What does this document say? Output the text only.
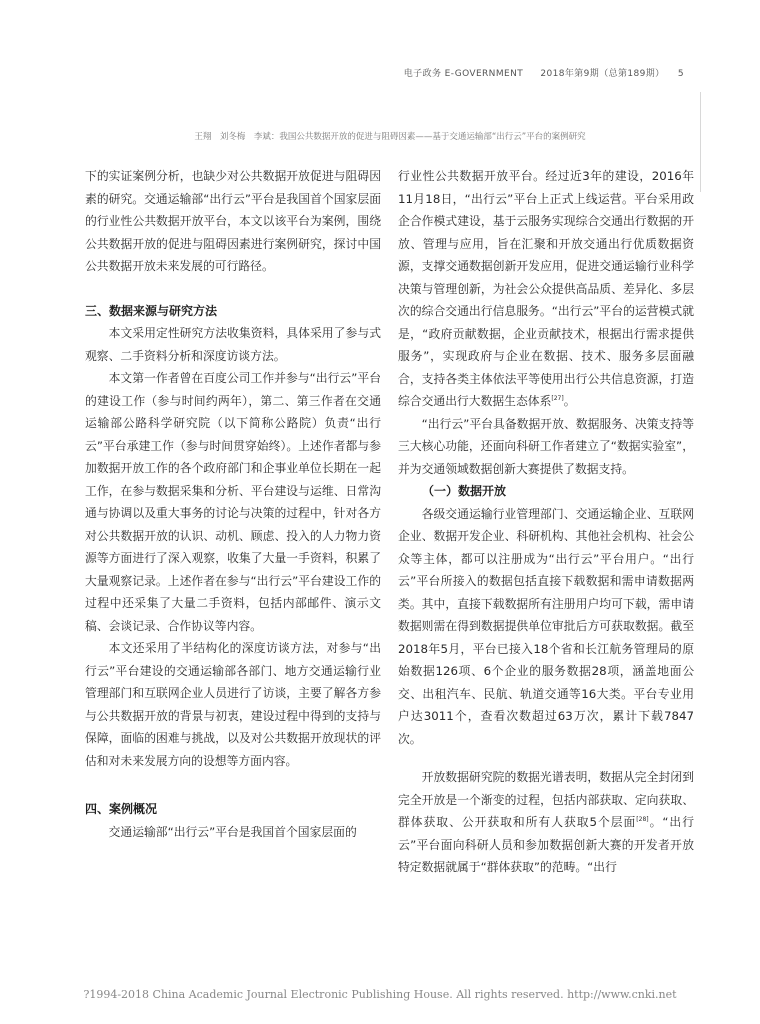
电子政务 E-GOVERNMENT 2018年第9期（总第189期） 5
王翔　刘冬梅　李斌：我国公共数据开放的促进与阻碍因素——基于交通运输部“出行云”平台的案例研究

下的实证案例分析，也缺少对公共数据开放促进与阻碍因素的研究。交通运输部“出行云”平台是我国首个国家层面的行业性公共数据开放平台，本文以该平台为案例，围绕公共数据开放的促进与阻碍因素进行案例研究，探讨中国公共数据开放未来发展的可行路径。

三、数据来源与研究方法

本文采用定性研究方法收集资料，具体采用了参与式观察、二手资料分析和深度访谈方法。

本文第一作者曾在百度公司工作并参与“出行云”平台的建设工作（参与时间约两年），第二、第三作者在交通运输部公路科学研究院（以下简称公路院）负责“出行云”平台承建工作（参与时间贯穿始终）。上述作者都与参加数据开放工作的各个政府部门和企事业单位长期在一起工作，在参与数据采集和分析、平台建设与运维、日常沟通与协调以及重大事务的讨论与决策的过程中，针对各方对公共数据开放的认识、动机、顾虑、投入的人力物力资源等方面进行了深入观察，收集了大量一手资料，积累了大量观察记录。上述作者在参与“出行云”平台建设工作的过程中还采集了大量二手资料，包括内部邮件、演示文稿、会谈记录、合作协议等内容。

本文还采用了半结构化的深度访谈方法，对参与“出行云”平台建设的交通运输部各部门、地方交通运输行业管理部门和互联网企业人员进行了访谈，主要了解各方参与公共数据开放的背景与初衷，建设过程中得到的支持与保障，面临的困难与挑战，以及对公共数据开放现状的评估和对未来发展方向的设想等方面内容。

四、案例概况

交通运输部“出行云”平台是我国首个国家层面的

行业性公共数据开放平台。经过近3年的建设，2016年11月18日，“出行云”平台上正式上线运营。平台采用政企合作模式建设，基于云服务实现综合交通出行数据的开放、管理与应用，旨在汇聚和开放交通出行优质数据资源，支撑交通数据创新开发应用，促进交通运输行业科学决策与管理创新，为社会公众提供高品质、差异化、多层次的综合交通出行信息服务。“出行云”平台的运营模式就是，“政府贡献数据，企业贡献技术，根据出行需求提供服务”，实现政府与企业在数据、技术、服务多层面融合，支持各类主体依法平等使用出行公共信息资源，打造综合交通出行大数据生态体系[27]。

“出行云”平台具备数据开放、数据服务、决策支持等三大核心功能，还面向科研工作者建立了“数据实验室”，并为交通领域数据创新大赛提供了数据支持。

（一）数据开放

各级交通运输行业管理部门、交通运输企业、互联网企业、数据开发企业、科研机构、其他社会机构、社会公众等主体，都可以注册成为“出行云”平台用户。“出行云”平台所接入的数据包括直接下载数据和需申请数据两类。其中，直接下载数据所有注册用户均可下载，需申请数据则需在得到数据提供单位审批后方可获取数据。截至2018年5月，平台已接入18个省和长江航务管理局的原始数据126项、6个企业的服务数据28项，涵盖地面公交、出租汽车、民航、轨道交通等16大类。平台专业用户达3011个，查看次数超过63万次，累计下载7847次。

开放数据研究院的数据光谱表明，数据从完全封闭到完全开放是一个渐变的过程，包括内部获取、定向获取、群体获取、公开获取和所有人获取5个层面[28]。“出行云”平台面向科研人员和参加数据创新大赛的开发者开放特定数据就属于“群体获取”的范畴。“出行

?1994-2018 China Academic Journal Electronic Publishing House. All rights reserved. http://www.cnki.net
